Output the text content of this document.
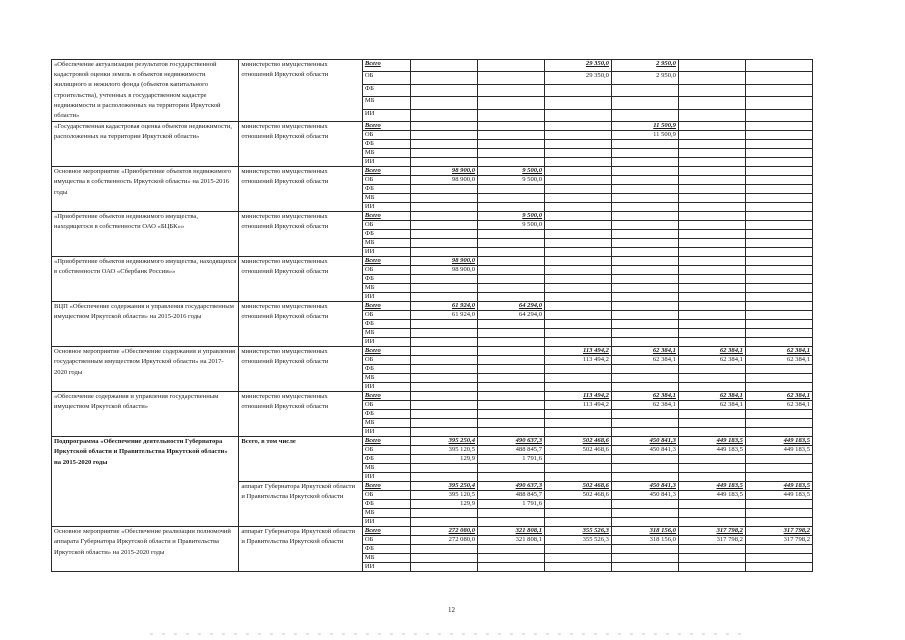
«Обеспечение актуализации результатов государственной кадастровой оценки земель в объектов недвижимости жилищного и нежилого фонда (объектов капитального строительства), учтенных в государственном кадастре недвижимости и расположенных на территории Иркутской области»	министерство имущественных отношений Иркутской области	Всего			29 350,0	2 950,0		
		ОБ			29 350,0	2 950,0		
		ФБ						
		МБ						
		ИИ						
«Государственная кадастровая оценка объектов недвижимости, расположенных на территории Иркутской области»	министерство имущественных отношений Иркутской области	Всего				11 500,9		
		ОБ				11 500,9		
		ФБ						
		МБ						
		ИИ						
Основное мероприятие «Приобретение объектов недвижимого имущества в собственность Иркутской области» на 2015-2016 годы	министерство имущественных отношений Иркутской области	Всего	98 900,0	9 500,0				
		ОБ	98 900,0	9 500,0				
		ФБ						
		МБ						
		ИИ						
«Приобретение объектов недвижимого имущества, находящегося в собственности ОАО «БЦБК»»	министерство имущественных отношений Иркутской области	Всего		9 500,0				
		ОБ		9 500,0				
		ФБ						
		МБ						
		ИИ						
«Приобретение объектов недвижимого имущества, находящихся в собственности ОАО «Сбербанк России»»	министерство имущественных отношений Иркутской области	Всего	98 900,0					
		ОБ	98 900,0					
		ФБ						
		МБ						
		ИИ						
ВЦП «Обеспечение содержания и управления государственным имуществом Иркутской области» на 2015-2016 годы	министерство имущественных отношений Иркутской области	Всего	61 924,0	64 294,0				
		ОБ	61 924,0	64 294,0				
		ФБ						
		МБ						
		ИИ						
Основное мероприятие «Обеспечение содержания и управления государственным имуществом Иркутской области» на 2017-2020 годы	министерство имущественных отношений Иркутской области	Всего			113 494,2	62 384,1	62 384,1	62 384,1
		ОБ			113 494,2	62 384,1	62 384,1	62 384,1
		ФБ						
		МБ						
		ИИ						
«Обеспечение содержания и управления государственным имуществом Иркутской области»	министерство имущественных отношений Иркутской области	Всего			113 494,2	62 384,1	62 384,1	62 384,1
		ОБ			113 494,2	62 384,1	62 384,1	62 384,1
		ФБ						
		МБ						
		ИИ						
Подпрограмма «Обеспечение деятельности Губернатора Иркутской области и Правительства Иркутской области» на 2015-2020 годы	Всего, в том числе	Всего	395 250,4	490 637,3	502 468,6	450 841,3	449 183,5	449 183,5
		ОБ	395 120,5	488 845,7	502 468,6	450 841,3	449 183,5	449 183,5
		ФБ	129,9	1 791,6				
		МБ						
		ИИ						
	аппарат Губернатора Иркутской области и Правительства Иркутской области	Всего	395 250,4	490 637,3	502 468,6	450 841,3	449 183,5	449 183,5
		ОБ	395 120,5	488 845,7	502 468,6	450 841,3	449 183,5	449 183,5
		ФБ	129,9	1 791,6				
		МБ						
		ИИ						
Основное мероприятие «Обеспечение реализации полномочий аппарата Губернатора Иркутской области и Правительства Иркутской области» на 2015-2020 годы	аппарат Губернатора Иркутской области и Правительства Иркутской области	Всего	272 080,0	321 808,1	355 526,3	318 156,0	317 798,2	317 798,2
		ОБ	272 080,0	321 808,1	355 526,3	318 156,0	317 798,2	317 798,2
		ФБ						
		МБ						
		ИИ						
12
